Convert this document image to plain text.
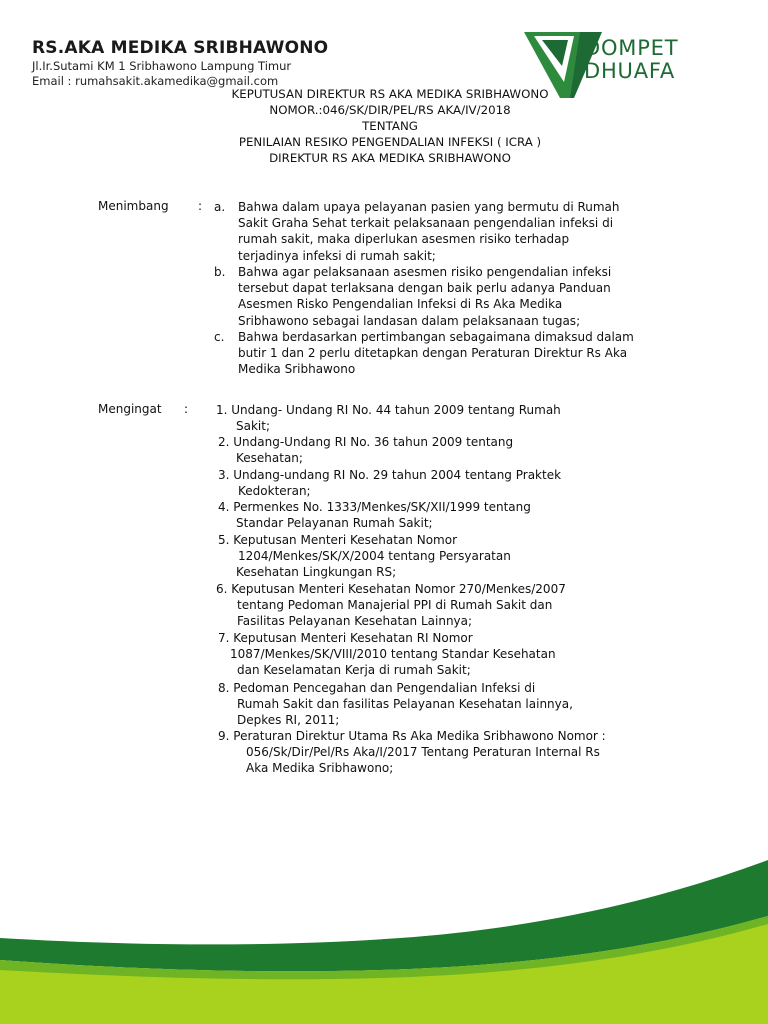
RS.AKA MEDIKA SRIBHAWONO
Jl.Ir.Sutami KM 1 Sribhawono Lampung Timur
Email : rumahsakit.akamedika@gmail.com
DOMPET
DHUAFA
KEPUTUSAN DIREKTUR RS AKA MEDIKA SRIBHAWONO
NOMOR.:046/SK/DIR/PEL/RS AKA/IV/2018
TENTANG
PENILAIAN RESIKO PENGENDALIAN INFEKSI ( ICRA )
DIREKTUR RS AKA MEDIKA SRIBHAWONO
Menimbang : a. Bahwa dalam upaya pelayanan pasien yang bermutu di Rumah
Sakit Graha Sehat terkait pelaksanaan pengendalian infeksi di
rumah sakit, maka diperlukan asesmen risiko terhadap
terjadinya infeksi di rumah sakit;
b. Bahwa agar pelaksanaan asesmen risiko pengendalian infeksi
tersebut dapat terlaksana dengan baik perlu adanya Panduan
Asesmen Risko Pengendalian Infeksi di Rs Aka Medika
Sribhawono sebagai landasan dalam pelaksanaan tugas;
c. Bahwa berdasarkan pertimbangan sebagaimana dimaksud dalam
butir 1 dan 2 perlu ditetapkan dengan Peraturan Direktur Rs Aka
Medika Sribhawono
Mengingat : 1. Undang- Undang RI No. 44 tahun 2009 tentang Rumah
Sakit;
2. Undang-Undang RI No. 36 tahun 2009 tentang
Kesehatan;
3. Undang-undang RI No. 29 tahun 2004 tentang Praktek
Kedokteran;
4. Permenkes No. 1333/Menkes/SK/XII/1999 tentang
Standar Pelayanan Rumah Sakit;
5. Keputusan Menteri Kesehatan Nomor
1204/Menkes/SK/X/2004 tentang Persyaratan
Kesehatan Lingkungan RS;
6. Keputusan Menteri Kesehatan Nomor 270/Menkes/2007
tentang Pedoman Manajerial PPI di Rumah Sakit dan
Fasilitas Pelayanan Kesehatan Lainnya;
7. Keputusan Menteri Kesehatan RI Nomor
1087/Menkes/SK/VIII/2010 tentang Standar Kesehatan
dan Keselamatan Kerja di rumah Sakit;
8. Pedoman Pencegahan dan Pengendalian Infeksi di
Rumah Sakit dan fasilitas Pelayanan Kesehatan lainnya,
Depkes RI, 2011;
9. Peraturan Direktur Utama Rs Aka Medika Sribhawono Nomor :
056/Sk/Dir/Pel/Rs Aka/I/2017 Tentang Peraturan Internal Rs
Aka Medika Sribhawono;
